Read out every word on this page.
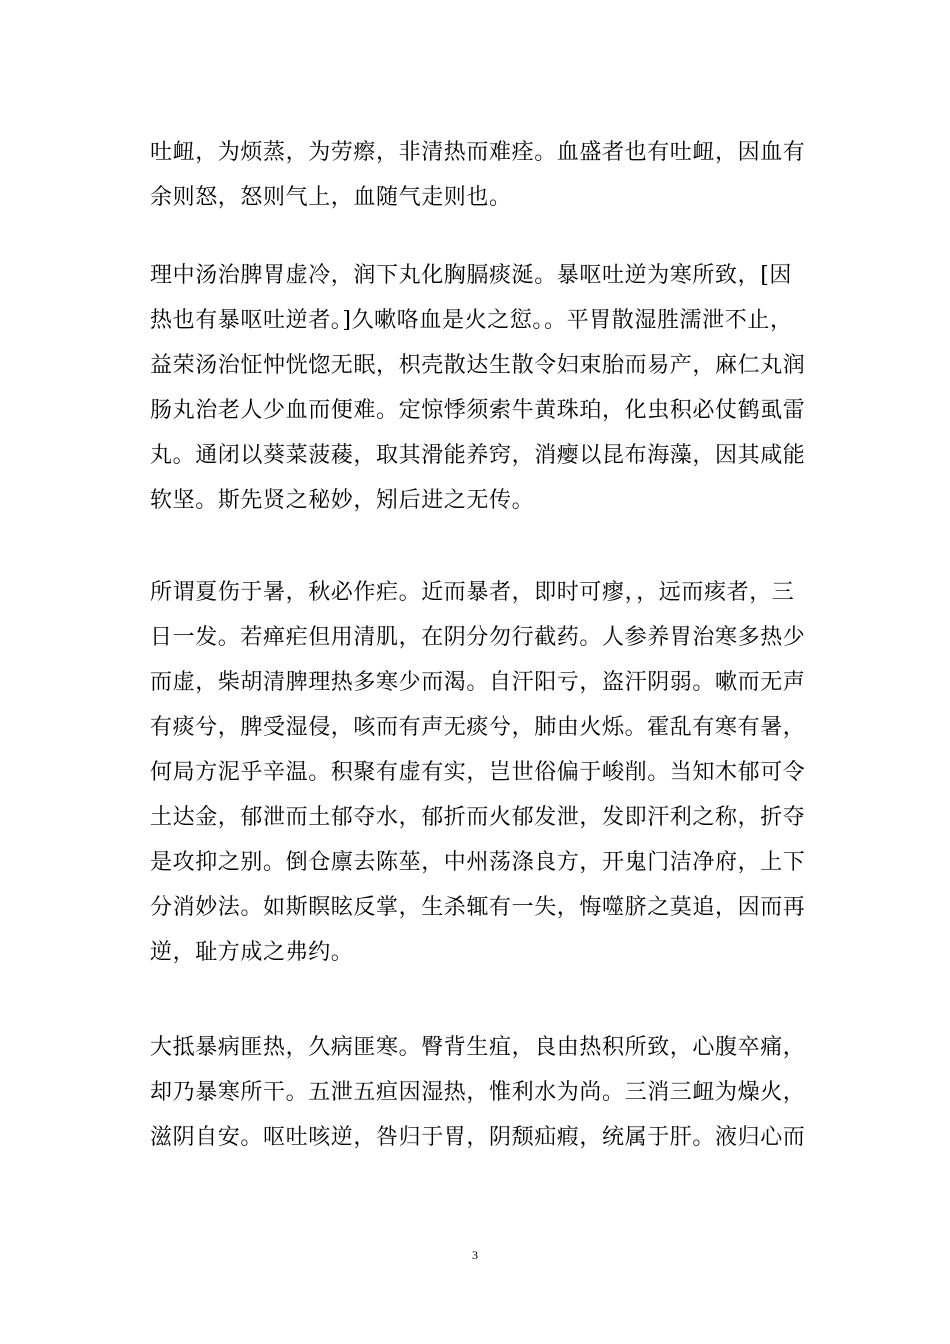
吐衄，为烦蒸，为劳瘵，非清热而难痊。血盛者也有吐衄，因血有
余则怒，怒则气上，血随气走则也。
理中汤治脾胃虚冷，润下丸化胸膈痰涎。暴呕吐逆为寒所致，[因
热也有暴呕吐逆者。]久嗽咯血是火之愆。。平胃散湿胜濡泄不止，
益荣汤治怔忡恍惚无眠，枳壳散达生散令妇束胎而易产，麻仁丸润
肠丸治老人少血而便难。定惊悸须索牛黄珠珀，化虫积必仗鹤虱雷
丸。通闭以葵菜菠薐，取其滑能养窍，消瘿以昆布海藻，因其咸能
软坚。斯先贤之秘妙，矧后进之无传。
所谓夏伤于暑，秋必作疟。近而暴者，即时可瘳，，远而痎者，三
日一发。若瘅疟但用清肌，在阴分勿行截药。人参养胃治寒多热少
而虚，柴胡清脾理热多寒少而渴。自汗阳亏，盗汗阴弱。嗽而无声
有痰兮，脾受湿侵，咳而有声无痰兮，肺由火烁。霍乱有寒有暑，
何局方泥乎辛温。积聚有虚有实，岂世俗偏于峻削。当知木郁可令
土达金，郁泄而土郁夺水，郁折而火郁发泄，发即汗利之称，折夺
是攻抑之别。倒仓廪去陈莝，中州荡涤良方，开鬼门洁净府，上下
分消妙法。如斯瞑眩反掌，生杀辄有一失，悔噬脐之莫追，因而再
逆，耻方成之弗约。
大抵暴病匪热，久病匪寒。臀背生疽，良由热积所致，心腹卒痛，
却乃暴寒所干。五泄五疸因湿热，惟利水为尚。三消三衄为燥火，
滋阴自安。呕吐咳逆，咎归于胃，阴颓疝瘕，统属于肝。液归心而
3
